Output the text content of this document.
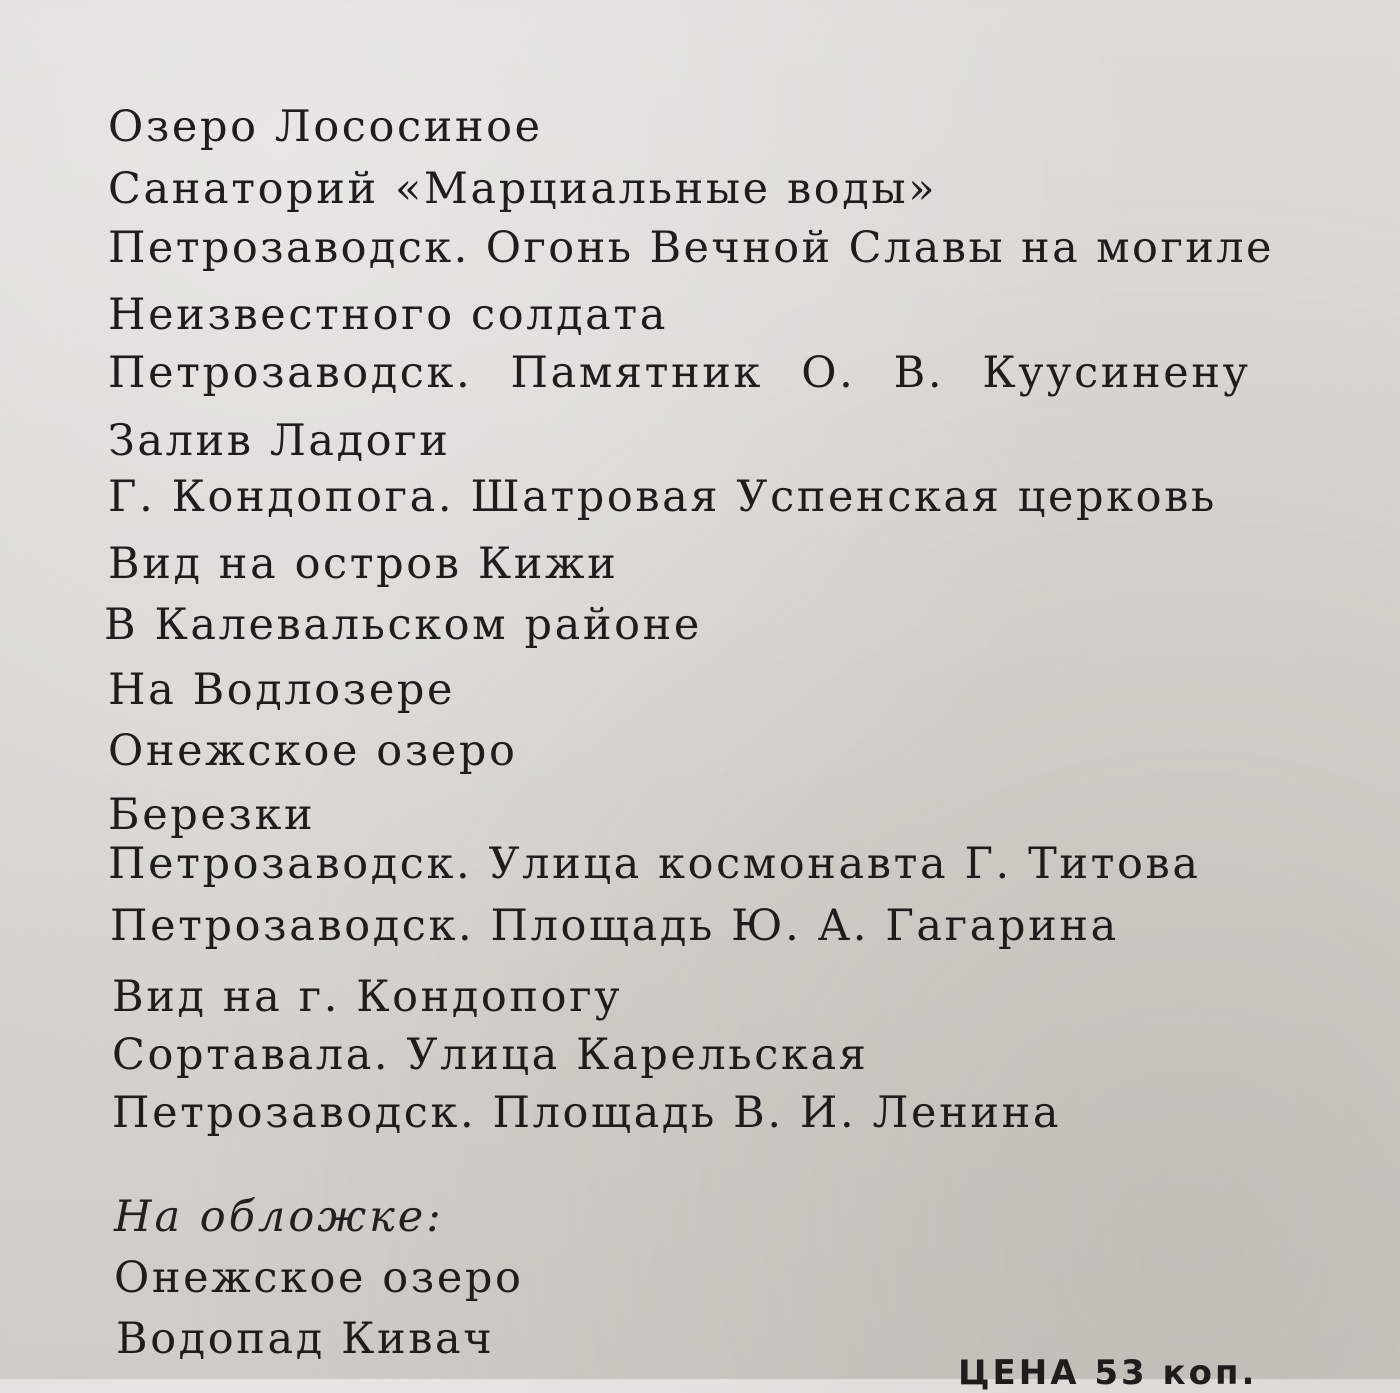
Озеро Лососиное
Санаторий «Марциальные воды»
Петрозаводск. Огонь Вечной Славы на могиле
Неизвестного солдата
Петрозаводск. Памятник О. В. Куусинену
Залив Ладоги
Г. Кондопога. Шатровая Успенская церковь
Вид на остров Кижи
В Калевальском районе
На Водлозере
Онежское озеро
Березки
Петрозаводск. Улица космонавта Г. Титова
Петрозаводск. Площадь Ю. А. Гагарина
Вид на г. Кондопогу
Сортавала. Улица Карельская
Петрозаводск. Площадь В. И. Ленина
На обложке:
Онежское озеро
Водопад Кивач
ЦЕНА 53 коп.
